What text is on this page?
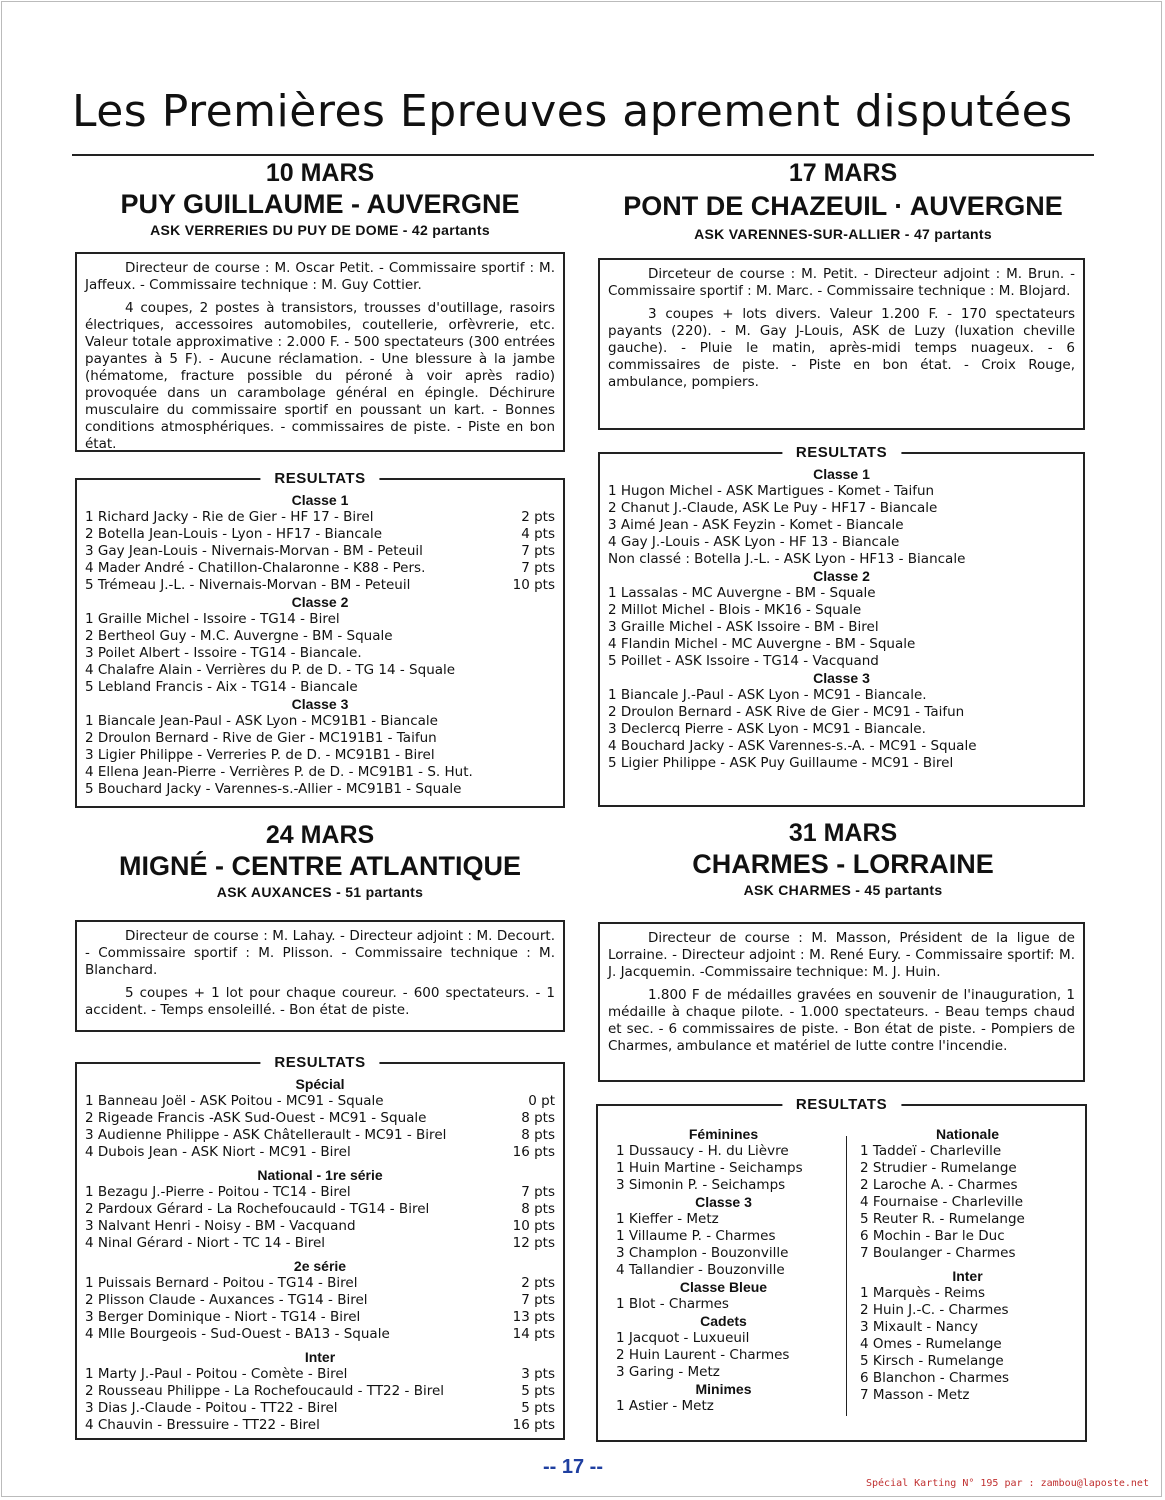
Les Premières Epreuves aprement disputées
10 MARS
PUY GUILLAUME - AUVERGNE
ASK VERRERIES DU PUY DE DOME - 42 partants

Directeur de course : M. Oscar Petit. - Commissaire sportif : M. Jaffeux. - Commissaire technique : M. Guy Cottier.

4 coupes, 2 postes à transistors, trousses d'outillage, rasoirs électriques, accessoires automobiles, coutellerie, orfèvrerie, etc. Valeur totale approximative : 2.000 F. - 500 spectateurs (300 entrées payantes à 5 F). - Aucune réclamation. - Une blessure à la jambe (hématome, fracture possible du péroné à voir après radio) provoquée dans un carambolage général en épingle. Déchirure musculaire du commissaire sportif en poussant un kart. - Bonnes conditions atmosphériques. - commissaires de piste. - Piste en bon état.

RESULTATS
Classe 1
1 Richard Jacky - Rie de Gier - HF 17 - Birel	2 pts
2 Botella Jean-Louis - Lyon - HF17 - Biancale	4 pts
3 Gay Jean-Louis - Nivernais-Morvan - BM - Peteuil	7 pts
4 Mader André - Chatillon-Chalaronne - K88 - Pers.	7 pts
5 Trémeau J.-L. - Nivernais-Morvan - BM - Peteuil	10 pts
Classe 2
1 Graille Michel - Issoire - TG14 - Birel
2 Bertheol Guy - M.C. Auvergne - BM - Squale
3 Poilet Albert - Issoire - TG14 - Biancale.
4 Chalafre Alain - Verrières du P. de D. - TG 14 - Squale
5 Lebland Francis - Aix - TG14 - Biancale
Classe 3
1 Biancale Jean-Paul - ASK Lyon - MC91B1 - Biancale
2 Droulon Bernard - Rive de Gier - MC191B1 - Taifun
3 Ligier Philippe - Verreries P. de D. - MC91B1 - Birel
4 Ellena Jean-Pierre - Verrières P. de D. - MC91B1 - S. Hut.
5 Bouchard Jacky - Varennes-s.-Allier - MC91B1 - Squale
17 MARS
PONT DE CHAZEUIL · AUVERGNE
ASK VARENNES-SUR-ALLIER - 47 partants

Dirceteur de course : M. Petit. - Directeur adjoint : M. Brun. - Commissaire sportif : M. Marc. - Commissaire technique : M. Blojard.

3 coupes + lots divers. Valeur 1.200 F. - 170 spectateurs payants (220). - M. Gay J-Louis, ASK de Luzy (luxation cheville gauche). - Pluie le matin, après-midi temps nuageux. - 6 commissaires de piste. - Piste en bon état. - Croix Rouge, ambulance, pompiers.

RESULTATS
Classe 1
1 Hugon Michel - ASK Martigues - Komet - Taifun
2 Chanut J.-Claude, ASK Le Puy - HF17 - Biancale
3 Aimé Jean - ASK Feyzin - Komet - Biancale
4 Gay J.-Louis - ASK Lyon - HF 13 - Biancale
Non classé : Botella J.-L. - ASK Lyon - HF13 - Biancale
Classe 2
1 Lassalas - MC Auvergne - BM - Squale
2 Millot Michel - Blois - MK16 - Squale
3 Graille Michel - ASK Issoire - BM - Birel
4 Flandin Michel - MC Auvergne - BM - Squale
5 Poillet - ASK Issoire - TG14 - Vacquand
Classe 3
1 Biancale J.-Paul - ASK Lyon - MC91 - Biancale.
2 Droulon Bernard - ASK Rive de Gier - MC91 - Taifun
3 Declercq Pierre - ASK Lyon - MC91 - Biancale.
4 Bouchard Jacky - ASK Varennes-s.-A. - MC91 - Squale
5 Ligier Philippe - ASK Puy Guillaume - MC91 - Birel
24 MARS
MIGNÉ - CENTRE ATLANTIQUE
ASK AUXANCES - 51 partants

Directeur de course : M. Lahay. - Directeur adjoint : M. Decourt. - Commissaire sportif : M. Plisson. - Commissaire technique : M. Blanchard.

5 coupes + 1 lot pour chaque coureur. - 600 spectateurs. - 1 accident. - Temps ensoleillé. - Bon état de piste.

RESULTATS
Spécial
1 Banneau Joël - ASK Poitou - MC91 - Squale	0 pt
2 Rigeade Francis -ASK Sud-Ouest - MC91 - Squale	8 pts
3 Audienne Philippe - ASK Châtellerault - MC91 - Birel	8 pts
4 Dubois Jean - ASK Niort - MC91 - Birel	16 pts
National - 1re série
1 Bezagu J.-Pierre - Poitou - TC14 - Birel	7 pts
2 Pardoux Gérard - La Rochefoucauld - TG14 - Birel	8 pts
3 Nalvant Henri - Noisy - BM - Vacquand	10 pts
4 Ninal Gérard - Niort - TC 14 - Birel	12 pts
2e série
1 Puissais Bernard - Poitou - TG14 - Birel	2 pts
2 Plisson Claude - Auxances - TG14 - Birel	7 pts
3 Berger Dominique - Niort - TG14 - Birel	13 pts
4 Mlle Bourgeois - Sud-Ouest - BA13 - Squale	14 pts
Inter
1 Marty J.-Paul - Poitou - Comète - Birel	3 pts
2 Rousseau Philippe - La Rochefoucauld - TT22 - Birel	5 pts
3 Dias J.-Claude - Poitou - TT22 - Birel	5 pts
4 Chauvin - Bressuire - TT22 - Birel	16 pts
31 MARS
CHARMES - LORRAINE
ASK CHARMES - 45 partants

Directeur de course : M. Masson, Président de la ligue de Lorraine. - Directeur adjoint : M. René Eury. - Commissaire sportif: M. J. Jacquemin. -Commissaire technique: M. J. Huin.

1.800 F de médailles gravées en souvenir de l'inauguration, 1 médaille à chaque pilote. - 1.000 spectateurs. - Beau temps chaud et sec. - 6 commissaires de piste. - Bon état de piste. - Pompiers de Charmes, ambulance et matériel de lutte contre l'incendie.

RESULTATS
Féminines
1 Dussaucy - H. du Lièvre
1 Huin Martine - Seichamps
3 Simonin P. - Seichamps
Classe 3
1 Kieffer - Metz
1 Villaume P. - Charmes
3 Champlon - Bouzonville
4 Tallandier - Bouzonville
Classe Bleue
1 Blot - Charmes
Cadets
1 Jacquot - Luxueuil
2 Huin Laurent - Charmes
3 Garing - Metz
Minimes
1 Astier - Metz
Nationale
1 Taddeï - Charleville
2 Strudier - Rumelange
2 Laroche A. - Charmes
4 Fournaise - Charleville
5 Reuter R. - Rumelange
6 Mochin - Bar le Duc
7 Boulanger - Charmes
Inter
1 Marquès - Reims
2 Huin J.-C. - Charmes
3 Mixault - Nancy
4 Omes - Rumelange
5 Kirsch - Rumelange
6 Blanchon - Charmes
7 Masson - Metz
-- 17 --
Spécial Karting N° 195 par : zambou@laposte.net
